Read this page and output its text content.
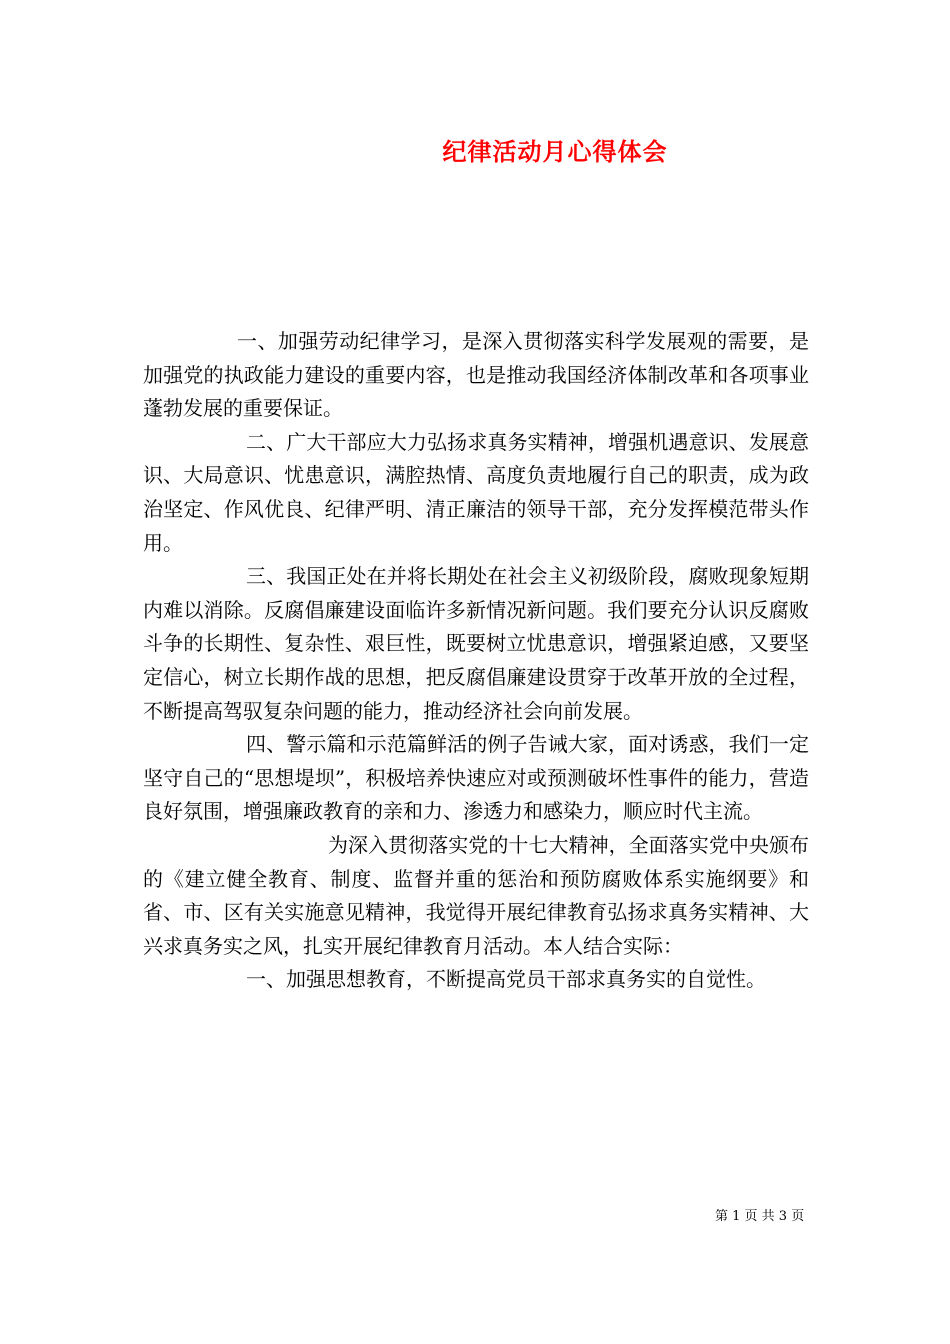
纪律活动月心得体会

一、加强劳动纪律学习，是深入贯彻落实科学发展观的需要，是加强党的执政能力建设的重要内容，也是推动我国经济体制改革和各项事业蓬勃发展的重要保证。

二、广大干部应大力弘扬求真务实精神，增强机遇意识、发展意识、大局意识、忧患意识，满腔热情、高度负责地履行自己的职责，成为政治坚定、作风优良、纪律严明、清正廉洁的领导干部，充分发挥模范带头作用。

三、我国正处在并将长期处在社会主义初级阶段，腐败现象短期内难以消除。反腐倡廉建设面临许多新情况新问题。我们要充分认识反腐败斗争的长期性、复杂性、艰巨性，既要树立忧患意识，增强紧迫感，又要坚定信心，树立长期作战的思想，把反腐倡廉建设贯穿于改革开放的全过程，不断提高驾驭复杂问题的能力，推动经济社会向前发展。

四、警示篇和示范篇鲜活的例子告诫大家，面对诱惑，我们一定坚守自己的“思想堤坝”，积极培养快速应对或预测破坏性事件的能力，营造良好氛围，增强廉政教育的亲和力、渗透力和感染力，顺应时代主流。

为深入贯彻落实党的十七大精神，全面落实党中央颁布的《建立健全教育、制度、监督并重的惩治和预防腐败体系实施纲要》和省、市、区有关实施意见精神，我觉得开展纪律教育弘扬求真务实精神、大兴求真务实之风，扎实开展纪律教育月活动。本人结合实际：

一、加强思想教育，不断提高党员干部求真务实的自觉性。

第 1 页 共 3 页
